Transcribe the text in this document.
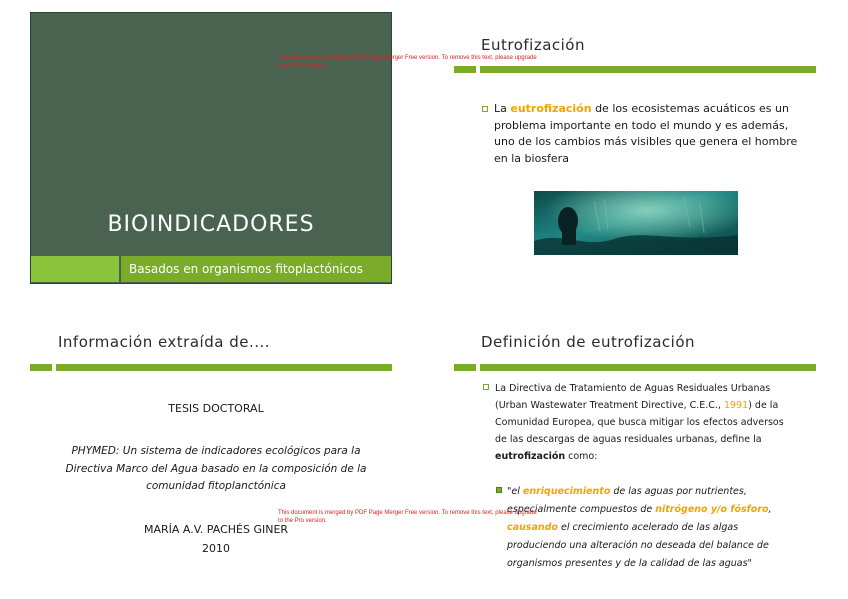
BIOINDICADORES
Basados en organismos fitoplactónicos
This document is merged by PDF Page Merger Free version. To remove this text, please upgrade
to the Pro version.
Eutrofización
La eutrofización de los ecosistemas acuáticos es un problema importante en todo el mundo y es además, uno de los cambios más visibles que genera el hombre en la biosfera
Información extraída de....
TESIS DOCTORAL
PHYMED: Un sistema de indicadores ecológicos para la Directiva Marco del Agua basado en la composición de la comunidad fitoplanctónica
MARÍA A.V. PACHÉS GINER
2010
Definición de eutrofización
La Directiva de Tratamiento de Aguas Residuales Urbanas (Urban Wastewater Treatment Directive, C.E.C., 1991) de la Comunidad Europea, que busca mitigar los efectos adversos de las descargas de aguas residuales urbanas, define la eutrofización como:
"el enriquecimiento de las aguas por nutrientes, especialmente compuestos de nitrógeno y/o fósforo, causando el crecimiento acelerado de las algas produciendo una alteración no deseada del balance de organismos presentes y de la calidad de las aguas"
This document is merged by PDF Page Merger Free version. To remove this text, please upgrade
to the Pro version.
